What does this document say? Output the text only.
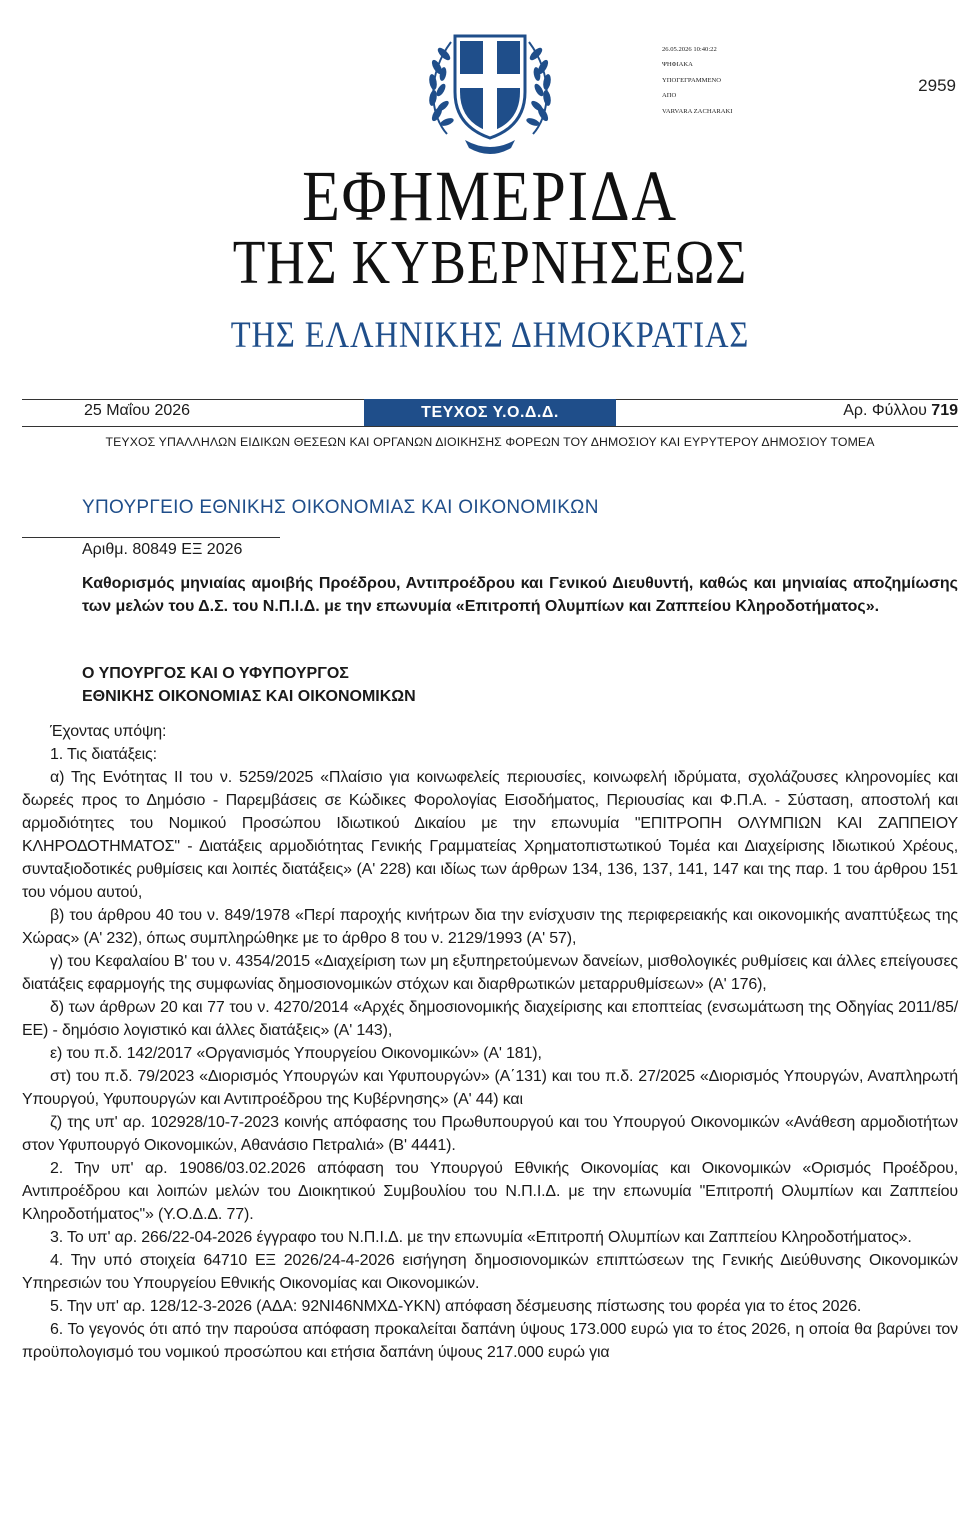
26.05.2026 10:40:22
ΨΗΦΙΑΚΑ
ΥΠΟΓΕΓΡΑΜΜΕΝΟ
ΑΠΟ
VARVARA ZACHARAKI
2959
ΕΦΗΜΕΡΙΔΑ
ΤΗΣ ΚΥΒΕΡΝΗΣΕΩΣ
ΤΗΣ ΕΛΛΗΝΙΚΗΣ ΔΗΜΟΚΡΑΤΙΑΣ
25 Μαΐου 2026	ΤΕΥΧΟΣ Υ.Ο.Δ.Δ.	Αρ. Φύλλου 719
ΤΕΥΧΟΣ ΥΠΑΛΛΗΛΩΝ ΕΙΔΙΚΩΝ ΘΕΣΕΩΝ ΚΑΙ ΟΡΓΑΝΩΝ ΔΙΟΙΚΗΣΗΣ ΦΟΡΕΩΝ ΤΟΥ ΔΗΜΟΣΙΟΥ ΚΑΙ ΕΥΡΥΤΕΡΟΥ ΔΗΜΟΣΙΟΥ ΤΟΜΕΑ
ΥΠΟΥΡΓΕΙΟ ΕΘΝΙΚΗΣ ΟΙΚΟΝΟΜΙΑΣ ΚΑΙ ΟΙΚΟΝΟΜΙΚΩΝ
Αριθμ. 80849 ΕΞ 2026
Καθορισμός μηνιαίας αμοιβής Προέδρου, Αντιπροέδρου και Γενικού Διευθυντή, καθώς και μηνιαίας αποζημίωσης των μελών του Δ.Σ. του Ν.Π.Ι.Δ. με την επωνυμία «Επιτροπή Ολυμπίων και Ζαππείου Κληροδοτήματος».
Ο ΥΠΟΥΡΓΟΣ ΚΑΙ Ο ΥΦΥΠΟΥΡΓΟΣ
ΕΘΝΙΚΗΣ ΟΙΚΟΝΟΜΙΑΣ ΚΑΙ ΟΙΚΟΝΟΜΙΚΩΝ

Έχοντας υπόψη:

1. Τις διατάξεις:

α) Της Ενότητας ΙΙ του ν. 5259/2025 «Πλαίσιο για κοινωφελείς περιουσίες, κοινωφελή ιδρύματα, σχολάζουσες κληρονομίες και δωρεές προς το Δημόσιο - Παρεμβάσεις σε Κώδικες Φορολογίας Εισοδήματος, Περιουσίας και Φ.Π.Α. - Σύσταση, αποστολή και αρμοδιότητες του Νομικού Προσώπου Ιδιωτικού Δικαίου με την επωνυμία "ΕΠΙΤΡΟΠΗ ΟΛΥΜΠΙΩΝ ΚΑΙ ΖΑΠΠΕΙΟΥ ΚΛΗΡΟΔΟΤΗΜΑΤΟΣ" - Διατάξεις αρμοδιότητας Γενικής Γραμματείας Χρηματοπιστωτικού Τομέα και Διαχείρισης Ιδιωτικού Χρέους, συνταξιοδοτικές ρυθμίσεις και λοιπές διατάξεις» (Α' 228) και ιδίως των άρθρων 134, 136, 137, 141, 147 και της παρ. 1 του άρθρου 151 του νόμου αυτού,

β) του άρθρου 40 του ν. 849/1978 «Περί παροχής κινήτρων δια την ενίσχυσιν της περιφερειακής και οικονομικής αναπτύξεως της Χώρας» (Α' 232), όπως συμπληρώθηκε με το άρθρο 8 του ν. 2129/1993 (Α' 57),

γ) του Κεφαλαίου Β' του ν. 4354/2015 «Διαχείριση των μη εξυπηρετούμενων δανείων, μισθολογικές ρυθμίσεις και άλλες επείγουσες διατάξεις εφαρμογής της συμφωνίας δημοσιονομικών στόχων και διαρθρωτικών μεταρρυθμίσεων» (Α' 176),

δ) των άρθρων 20 και 77 του ν. 4270/2014 «Αρχές δημοσιονομικής διαχείρισης και εποπτείας (ενσωμάτωση της Οδηγίας 2011/85/ΕΕ) - δημόσιο λογιστικό και άλλες διατάξεις» (Α' 143),

ε) του π.δ. 142/2017 «Οργανισμός Υπουργείου Οικονομικών» (Α' 181),

στ) του π.δ. 79/2023 «Διορισμός Υπουργών και Υφυπουργών» (Α΄131) και του π.δ. 27/2025 «Διορισμός Υπουργών, Αναπληρωτή Υπουργού, Υφυπουργών και Αντιπροέδρου της Κυβέρνησης» (Α' 44) και

ζ) της υπ' αρ. 102928/10-7-2023 κοινής απόφασης του Πρωθυπουργού και του Υπουργού Οικονομικών «Ανάθεση αρμοδιοτήτων στον Υφυπουργό Οικονομικών, Αθανάσιο Πετραλιά» (Β' 4441).

2. Την υπ' αρ. 19086/03.02.2026 απόφαση του Υπουργού Εθνικής Οικονομίας και Οικονομικών «Ορισμός Προέδρου, Αντιπροέδρου και λοιπών μελών του Διοικητικού Συμβουλίου του Ν.Π.Ι.Δ. με την επωνυμία "Επιτροπή Ολυμπίων και Ζαππείου Κληροδοτήματος"» (Υ.Ο.Δ.Δ. 77).

3. Το υπ' αρ. 266/22-04-2026 έγγραφο του Ν.Π.Ι.Δ. με την επωνυμία «Επιτροπή Ολυμπίων και Ζαππείου Κληροδοτήματος».

4. Την υπό στοιχεία 64710 ΕΞ 2026/24-4-2026 εισήγηση δημοσιονομικών επιπτώσεων της Γενικής Διεύθυνσης Οικονομικών Υπηρεσιών του Υπουργείου Εθνικής Οικονομίας και Οικονομικών.

5. Την υπ' αρ. 128/12-3-2026 (ΑΔΑ: 92ΝΙ46ΝΜΧΔ-ΥΚΝ) απόφαση δέσμευσης πίστωσης του φορέα για το έτος 2026.

6. Το γεγονός ότι από την παρούσα απόφαση προκαλείται δαπάνη ύψους 173.000 ευρώ για το έτος 2026, η οποία θα βαρύνει τον προϋπολογισμό του νομικού προσώπου και ετήσια δαπάνη ύψους 217.000 ευρώ για
